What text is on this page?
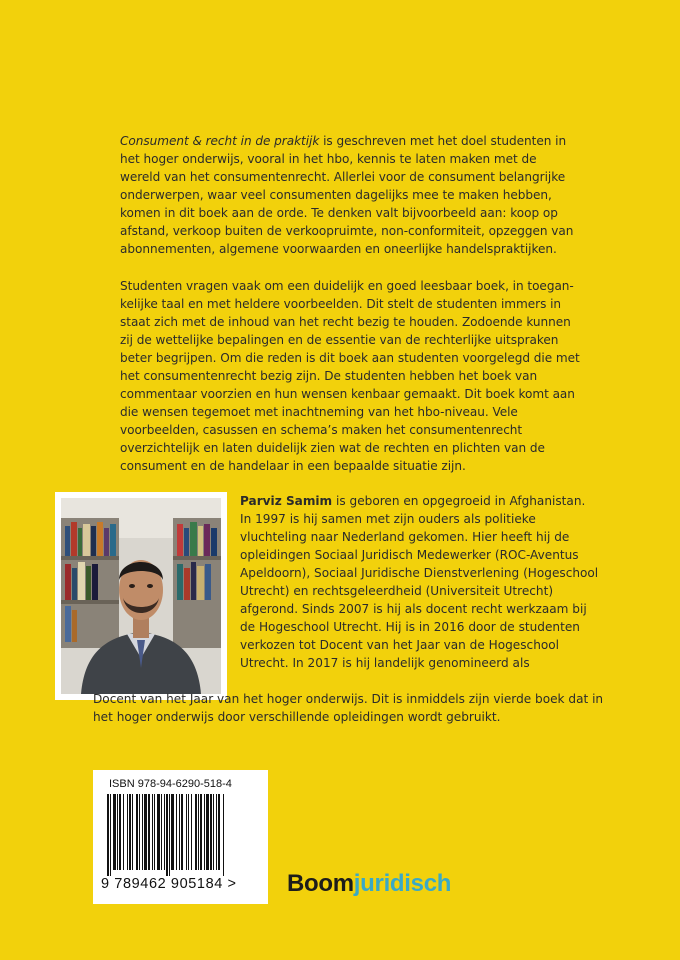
Consument & recht in de praktijk is geschreven met het doel studenten in het hoger onderwijs, vooral in het hbo, kennis te laten maken met de wereld van het consumentenrecht. Allerlei voor de consument belangrijke onderwerpen, waar veel consumenten dagelijks mee te maken hebben, komen in dit boek aan de orde. Te denken valt bijvoorbeeld aan: koop op afstand, verkoop buiten de verkoopruimte, non-conformiteit, opzeggen van abonnementen, algemene voorwaarden en oneerlijke handelspraktijken.

Studenten vragen vaak om een duidelijk en goed leesbaar boek, in toegan-kelijke taal en met heldere voorbeelden. Dit stelt de studenten immers in staat zich met de inhoud van het recht bezig te houden. Zodoende kunnen zij de wettelijke bepalingen en de essentie van de rechterlijke uitspraken beter begrijpen. Om die reden is dit boek aan studenten voorgelegd die met het consumentenrecht bezig zijn. De studenten hebben het boek van commentaar voorzien en hun wensen kenbaar gemaakt. Dit boek komt aan die wensen tegemoet met inachtneming van het hbo-niveau. Vele voorbeelden, casussen en schema’s maken het consumentenrecht overzichtelijk en laten duidelijk zien wat de rechten en plichten van de consument en de handelaar in een bepaalde situatie zijn.

Parviz Samim is geboren en opgegroeid in Afghanistan. In 1997 is hij samen met zijn ouders als politieke vluchteling naar Nederland gekomen. Hier heeft hij de opleidingen Sociaal Juridisch Medewerker (ROC-Aventus Apeldoorn), Sociaal Juridische Dienstverlening (Hogeschool Utrecht) en rechtsgeleerdheid (Universiteit Utrecht) afgerond. Sinds 2007 is hij als docent recht werkzaam bij de Hogeschool Utrecht. Hij is in 2016 door de studenten verkozen tot Docent van het Jaar van de Hogeschool Utrecht. In 2017 is hij landelijk genomineerd als

Docent van het Jaar van het hoger onderwijs. Dit is inmiddels zijn vierde boek dat in het hoger onderwijs door verschillende opleidingen wordt gebruikt.

ISBN 978-94-6290-518-4
9 789462 905184 > Boomjuridisch
